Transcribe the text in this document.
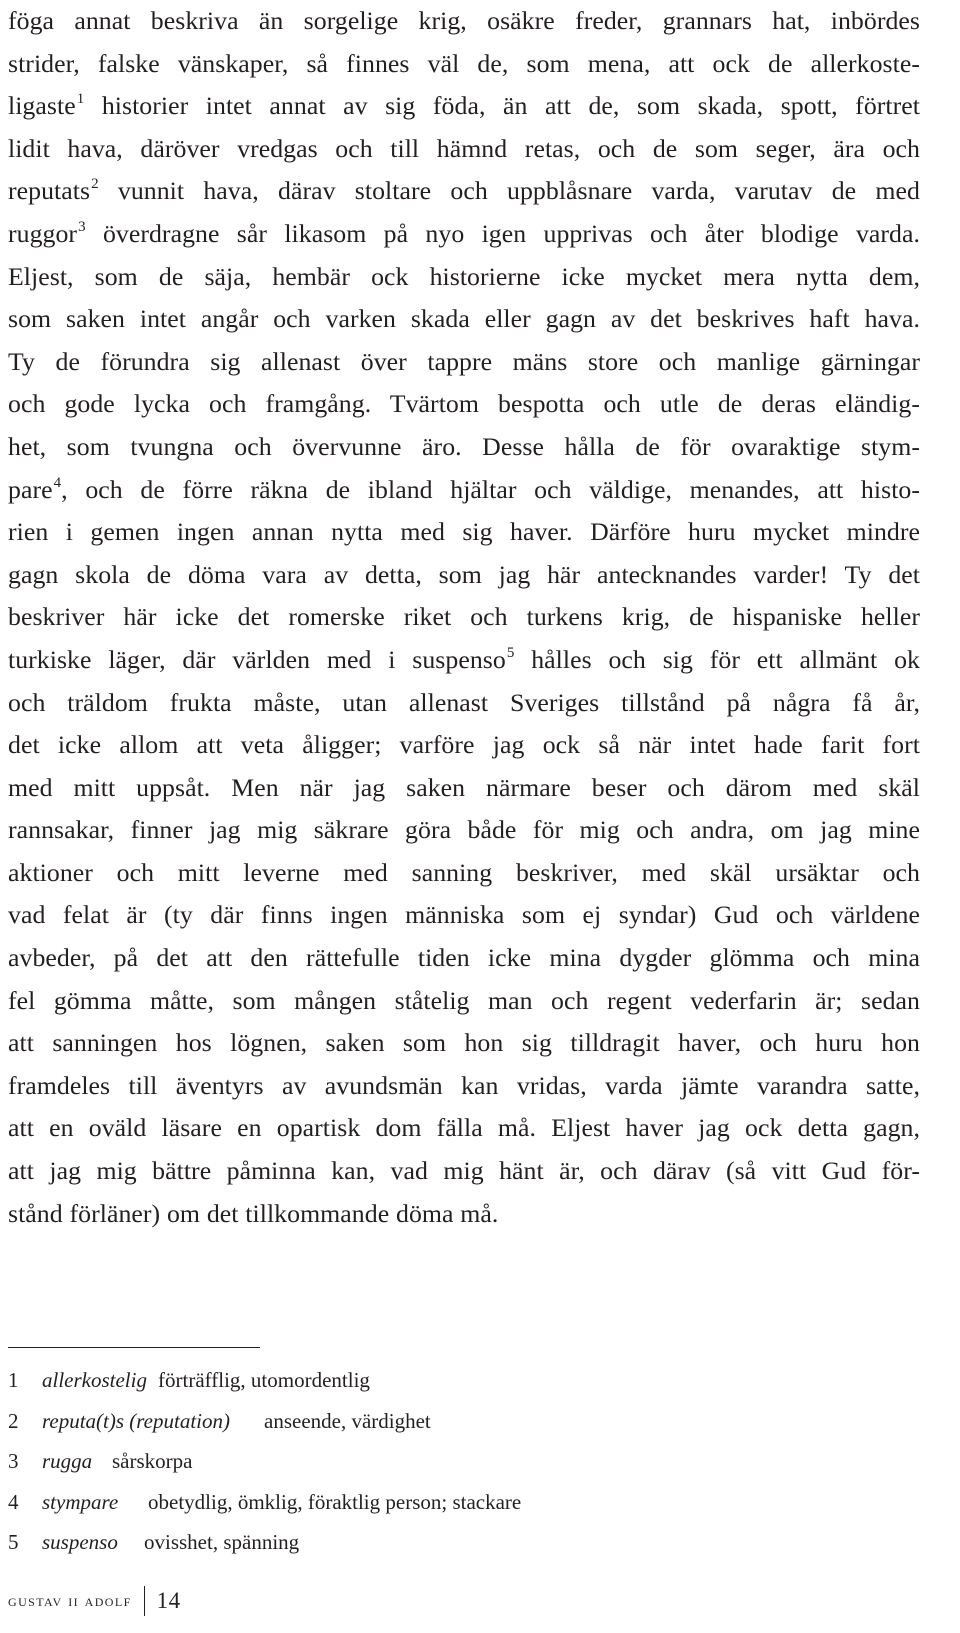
föga annat beskriva än sorgelige krig, osäkre freder, grannars hat, inbördes
strider, falske vänskaper, så finnes väl de, som mena, att ock de allerkoste-
ligaste$^1$ historier intet annat av sig föda, än att de, som skada, spott, förtret
lidit hava, däröver vredgas och till hämnd retas, och de som seger, ära och
reputats$^2$ vunnit hava, därav stoltare och uppblåsnare varda, varutav de med
ruggor$^3$ överdragne sår likasom på nyo igen upprivas och åter blodige varda.
Eljest, som de säja, hembär ock historierne icke mycket mera nytta dem,
som saken intet angår och varken skada eller gagn av det beskrives haft hava.
Ty de förundra sig allenast över tappre mäns store och manlige gärningar
och gode lycka och framgång. Tvärtom bespotta och utle de deras eländig-
het, som tvungna och övervunne äro. Desse hålla de för ovaraktige stym-
pare$^4$, och de förre räkna de ibland hjältar och väldige, menandes, att histo-
rien i gemen ingen annan nytta med sig haver. Därföre huru mycket mindre
gagn skola de döma vara av detta, som jag här antecknandes varder! Ty det
beskriver här icke det romerske riket och turkens krig, de hispaniske heller
turkiske läger, där världen med i suspenso$^5$ hålles och sig för ett allmänt ok
och träldom frukta måste, utan allenast Sveriges tillstånd på några få år,
det icke allom att veta åligger; varföre jag ock så när intet hade farit fort
med mitt uppsåt. Men när jag saken närmare beser och därom med skäl
rannsakar, finner jag mig säkrare göra både för mig och andra, om jag mine
aktioner och mitt leverne med sanning beskriver, med skäl ursäktar och
vad felat är (ty där finns ingen människa som ej syndar) Gud och världene
avbeder, på det att den rättefulle tiden icke mina dygder glömma och mina
fel gömma måtte, som mången ståtelig man och regent vederfarin är; sedan
att sanningen hos lögnen, saken som hon sig tilldragit haver, och huru hon
framdeles till äventyrs av avundsmän kan vridas, varda jämte varandra satte,
att en oväld läsare en opartisk dom fälla må. Eljest haver jag ock detta gagn,
att jag mig bättre påminna kan, vad mig hänt är, och därav (så vitt Gud för-
stånd förläner) om det tillkommande döma må.
1 allerkostelig förträfflig, utomordentlig
2 reputa(t)s (reputation) anseende, värdighet
3 rugga sårskorpa
4 stympare obetydlig, ömklig, föraktlig person; stackare
5 suspenso ovisshet, spänning
gustav ii adolf 14
